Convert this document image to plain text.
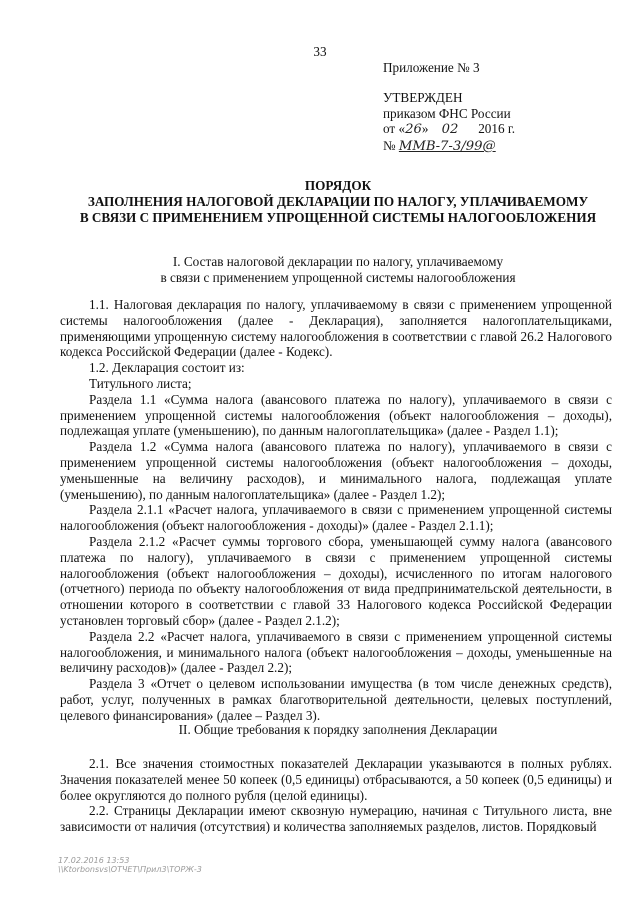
33
Приложение № 3
УТВЕРЖДЕН
приказом ФНС России
от «26» 02 2016 г.
№ ММВ-7-3/99@
ПОРЯДОК
ЗАПОЛНЕНИЯ НАЛОГОВОЙ ДЕКЛАРАЦИИ ПО НАЛОГУ, УПЛАЧИВАЕМОМУ
В СВЯЗИ С ПРИМЕНЕНИЕМ УПРОЩЕННОЙ СИСТЕМЫ НАЛОГООБЛОЖЕНИЯ
I. Состав налоговой декларации по налогу, уплачиваемому
в связи с применением упрощенной системы налогообложения

1.1. Налоговая декларация по налогу, уплачиваемому в связи с применением упрощенной системы налогообложения (далее - Декларация), заполняется налогоплательщиками, применяющими упрощенную систему налогообложения в соответствии с главой 26.2 Налогового кодекса Российской Федерации (далее - Кодекс).

1.2. Декларация состоит из:

Титульного листа;

Раздела 1.1 «Сумма налога (авансового платежа по налогу), уплачиваемого в связи с применением упрощенной системы налогообложения (объект налогообложения – доходы), подлежащая уплате (уменьшению), по данным налогоплательщика» (далее - Раздел 1.1);

Раздела 1.2 «Сумма налога (авансового платежа по налогу), уплачиваемого в связи с применением упрощенной системы налогообложения (объект налогообложения – доходы, уменьшенные на величину расходов), и минимального налога, подлежащая уплате (уменьшению), по данным налогоплательщика» (далее - Раздел 1.2);

Раздела 2.1.1 «Расчет налога, уплачиваемого в связи с применением упрощенной системы налогообложения (объект налогообложения - доходы)» (далее - Раздел 2.1.1);

Раздела 2.1.2 «Расчет суммы торгового сбора, уменьшающей сумму налога (авансового платежа по налогу), уплачиваемого в связи с применением упрощенной системы налогообложения (объект налогообложения – доходы), исчисленного по итогам налогового (отчетного) периода по объекту налогообложения от вида предпринимательской деятельности, в отношении которого в соответствии с главой 33 Налогового кодекса Российской Федерации установлен торговый сбор» (далее - Раздел 2.1.2);

Раздела 2.2 «Расчет налога, уплачиваемого в связи с применением упрощенной системы налогообложения, и минимального налога (объект налогообложения – доходы, уменьшенные на величину расходов)» (далее - Раздел 2.2);

Раздела 3 «Отчет о целевом использовании имущества (в том числе денежных средств), работ, услуг, полученных в рамках благотворительной деятельности, целевых поступлений, целевого финансирования» (далее – Раздел 3).

II. Общие требования к порядку заполнения Декларации

2.1. Все значения стоимостных показателей Декларации указываются в полных рублях. Значения показателей менее 50 копеек (0,5 единицы) отбрасываются, а 50 копеек (0,5 единицы) и более округляются до полного рубля (целой единицы).

2.2. Страницы Декларации имеют сквозную нумерацию, начиная с Титульного листа, вне зависимости от наличия (отсутствия) и количества заполняемых разделов, листов. Порядковый

17.02.2016 13:53
\\Ktorbonsvs\ОТЧЕТ\Прил3\ТОРЖ-3
